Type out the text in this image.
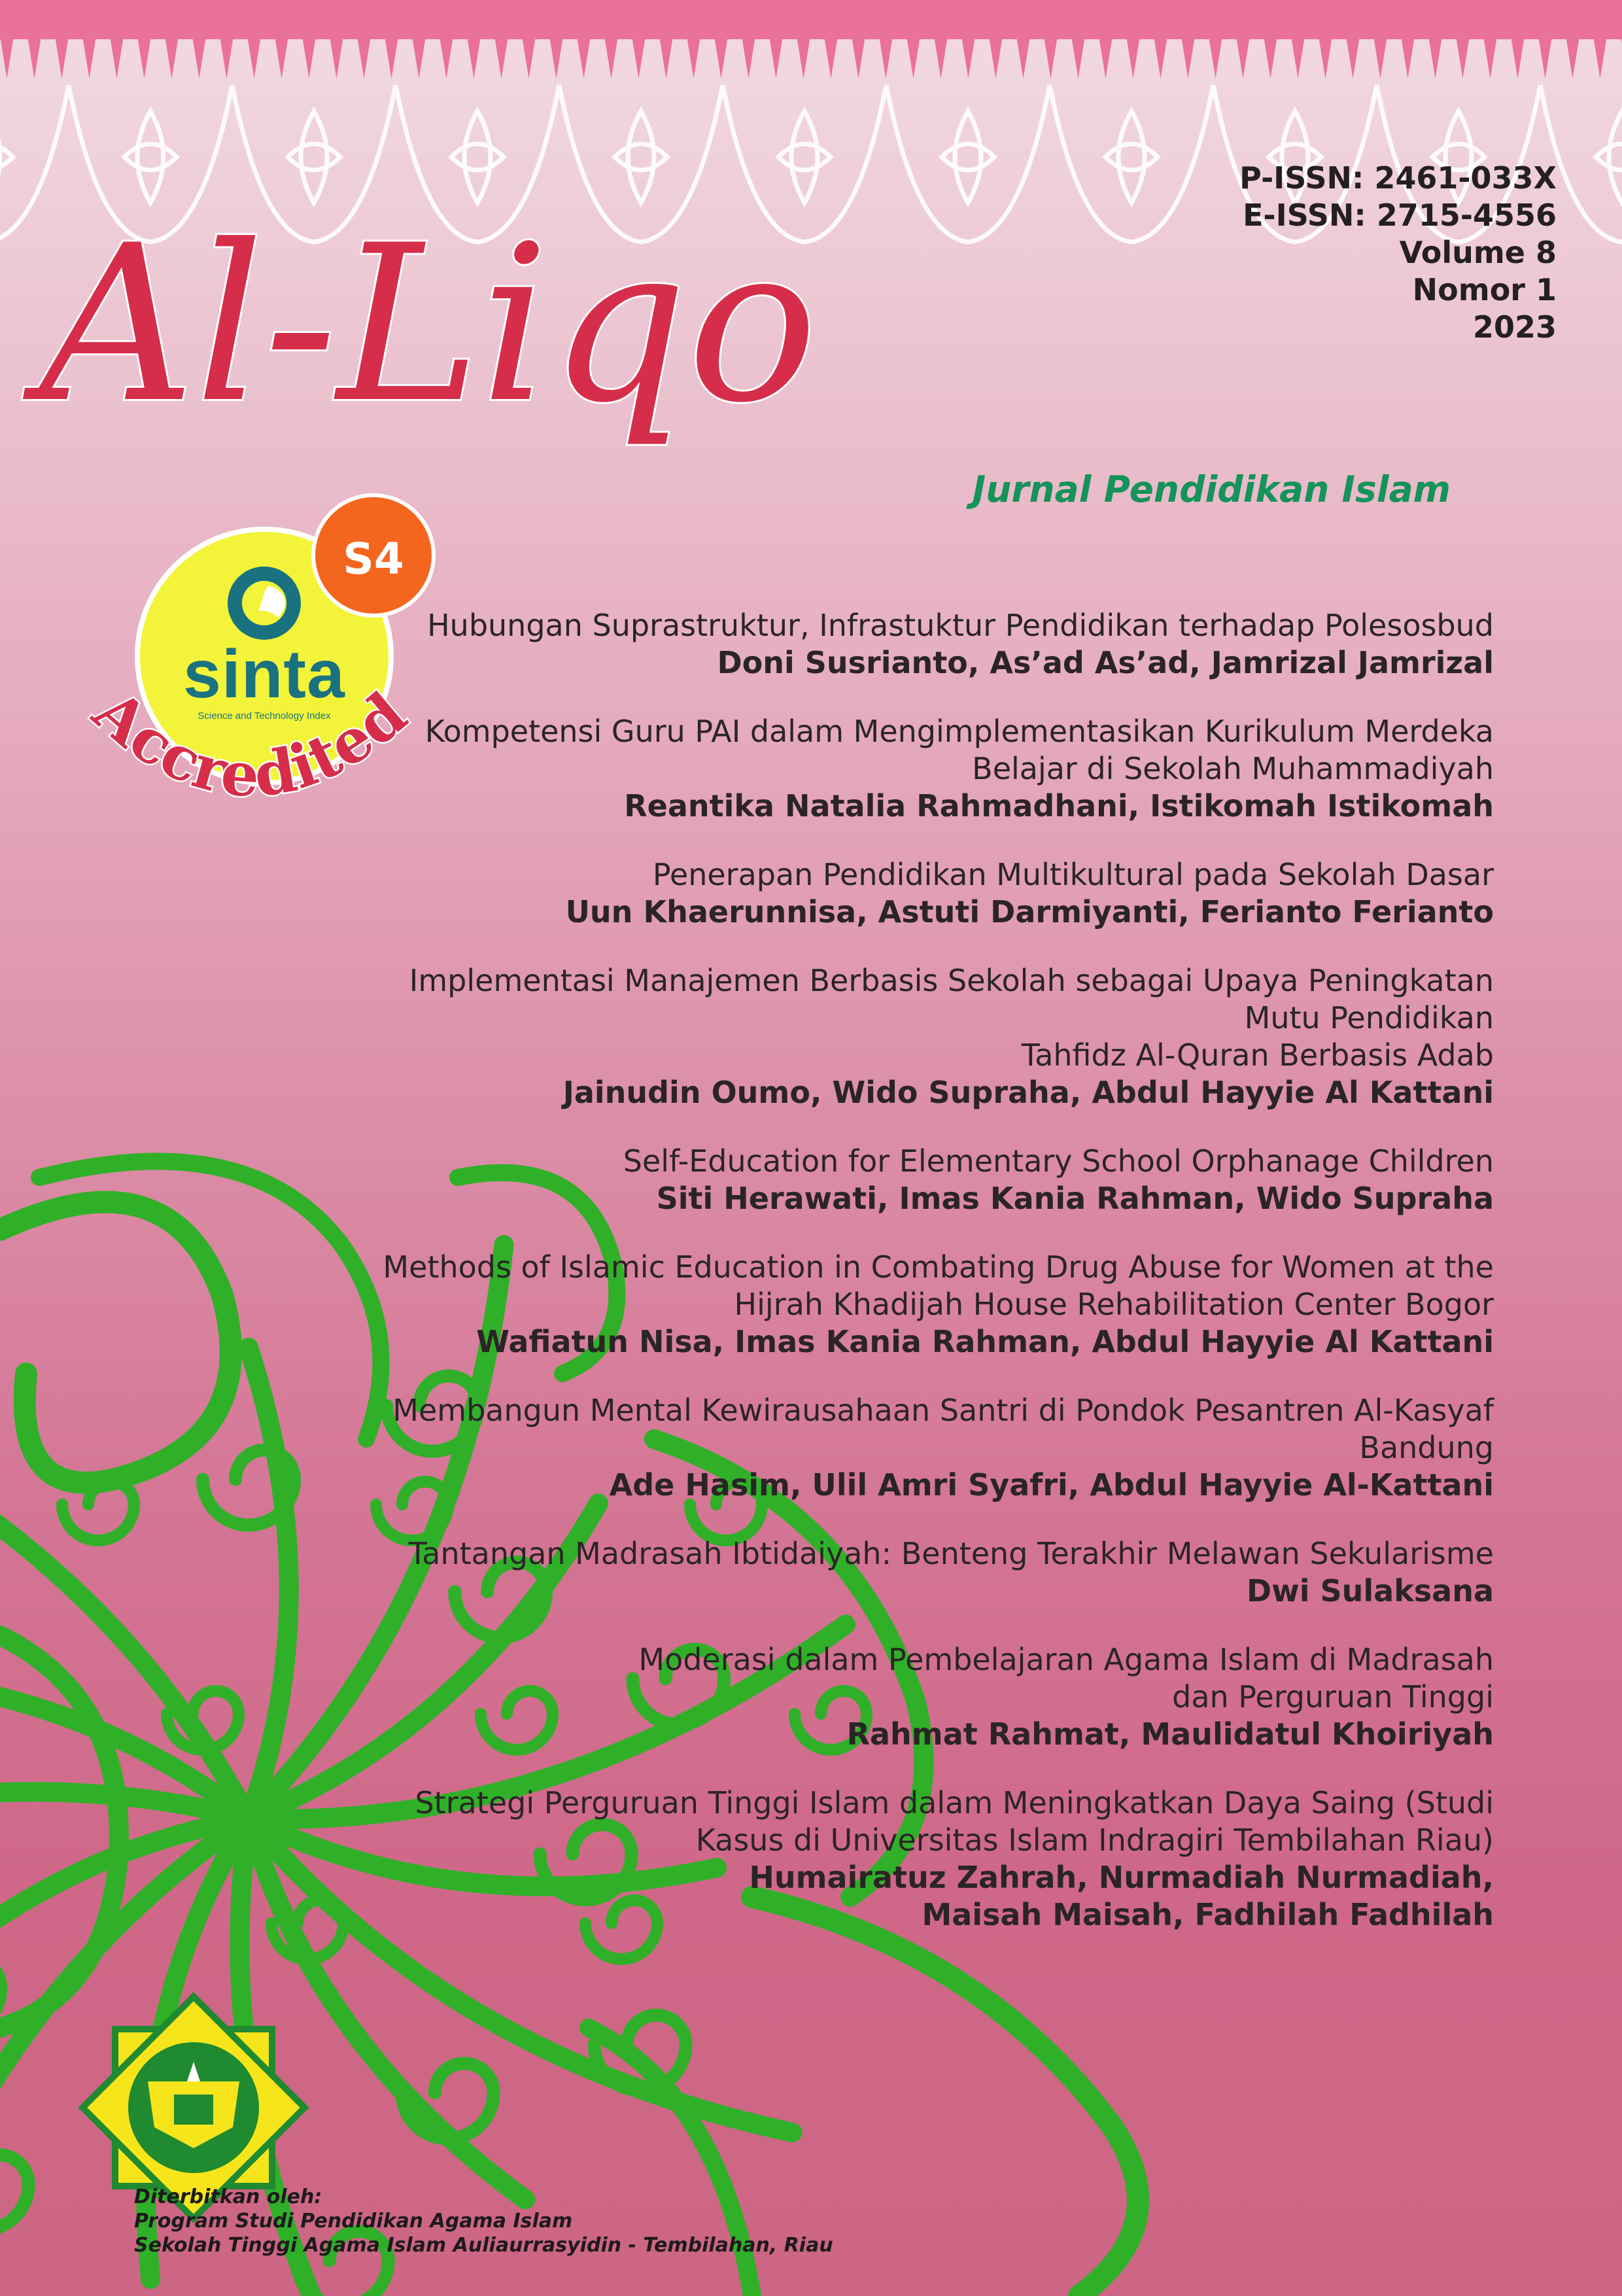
Al-Liqo
P-ISSN: 2461-033X
E-ISSN: 2715-4556
Volume 8
Nomor 1
2023
Jurnal Pendidikan Islam
sinta
Science and Technology Index
S4
Accredited
Hubungan Suprastruktur, Infrastuktur Pendidikan terhadap Polesosbud
Doni Susrianto, As’ad As’ad, Jamrizal Jamrizal
Kompetensi Guru PAI dalam Mengimplementasikan Kurikulum Merdeka
Belajar di Sekolah Muhammadiyah
Reantika Natalia Rahmadhani, Istikomah Istikomah
Penerapan Pendidikan Multikultural pada Sekolah Dasar
Uun Khaerunnisa, Astuti Darmiyanti, Ferianto Ferianto
Implementasi Manajemen Berbasis Sekolah sebagai Upaya Peningkatan
Mutu Pendidikan
Tahfidz Al-Quran Berbasis Adab
Jainudin Oumo, Wido Supraha, Abdul Hayyie Al Kattani
Self-Education for Elementary School Orphanage Children
Siti Herawati, Imas Kania Rahman, Wido Supraha
Methods of Islamic Education in Combating Drug Abuse for Women at the
Hijrah Khadijah House Rehabilitation Center Bogor
Wafiatun Nisa, Imas Kania Rahman, Abdul Hayyie Al Kattani
Membangun Mental Kewirausahaan Santri di Pondok Pesantren Al-Kasyaf
Bandung
Ade Hasim, Ulil Amri Syafri, Abdul Hayyie Al-Kattani
Tantangan Madrasah Ibtidaiyah: Benteng Terakhir Melawan Sekularisme
Dwi Sulaksana
Moderasi dalam Pembelajaran Agama Islam di Madrasah
dan Perguruan Tinggi
Rahmat Rahmat, Maulidatul Khoiriyah
Strategi Perguruan Tinggi Islam dalam Meningkatkan Daya Saing (Studi
Kasus di Universitas Islam Indragiri Tembilahan Riau)
Humairatuz Zahrah, Nurmadiah Nurmadiah,
Maisah Maisah, Fadhilah Fadhilah
Diterbitkan oleh:
Program Studi Pendidikan Agama Islam
Sekolah Tinggi Agama Islam Auliaurrasyidin - Tembilahan, Riau
